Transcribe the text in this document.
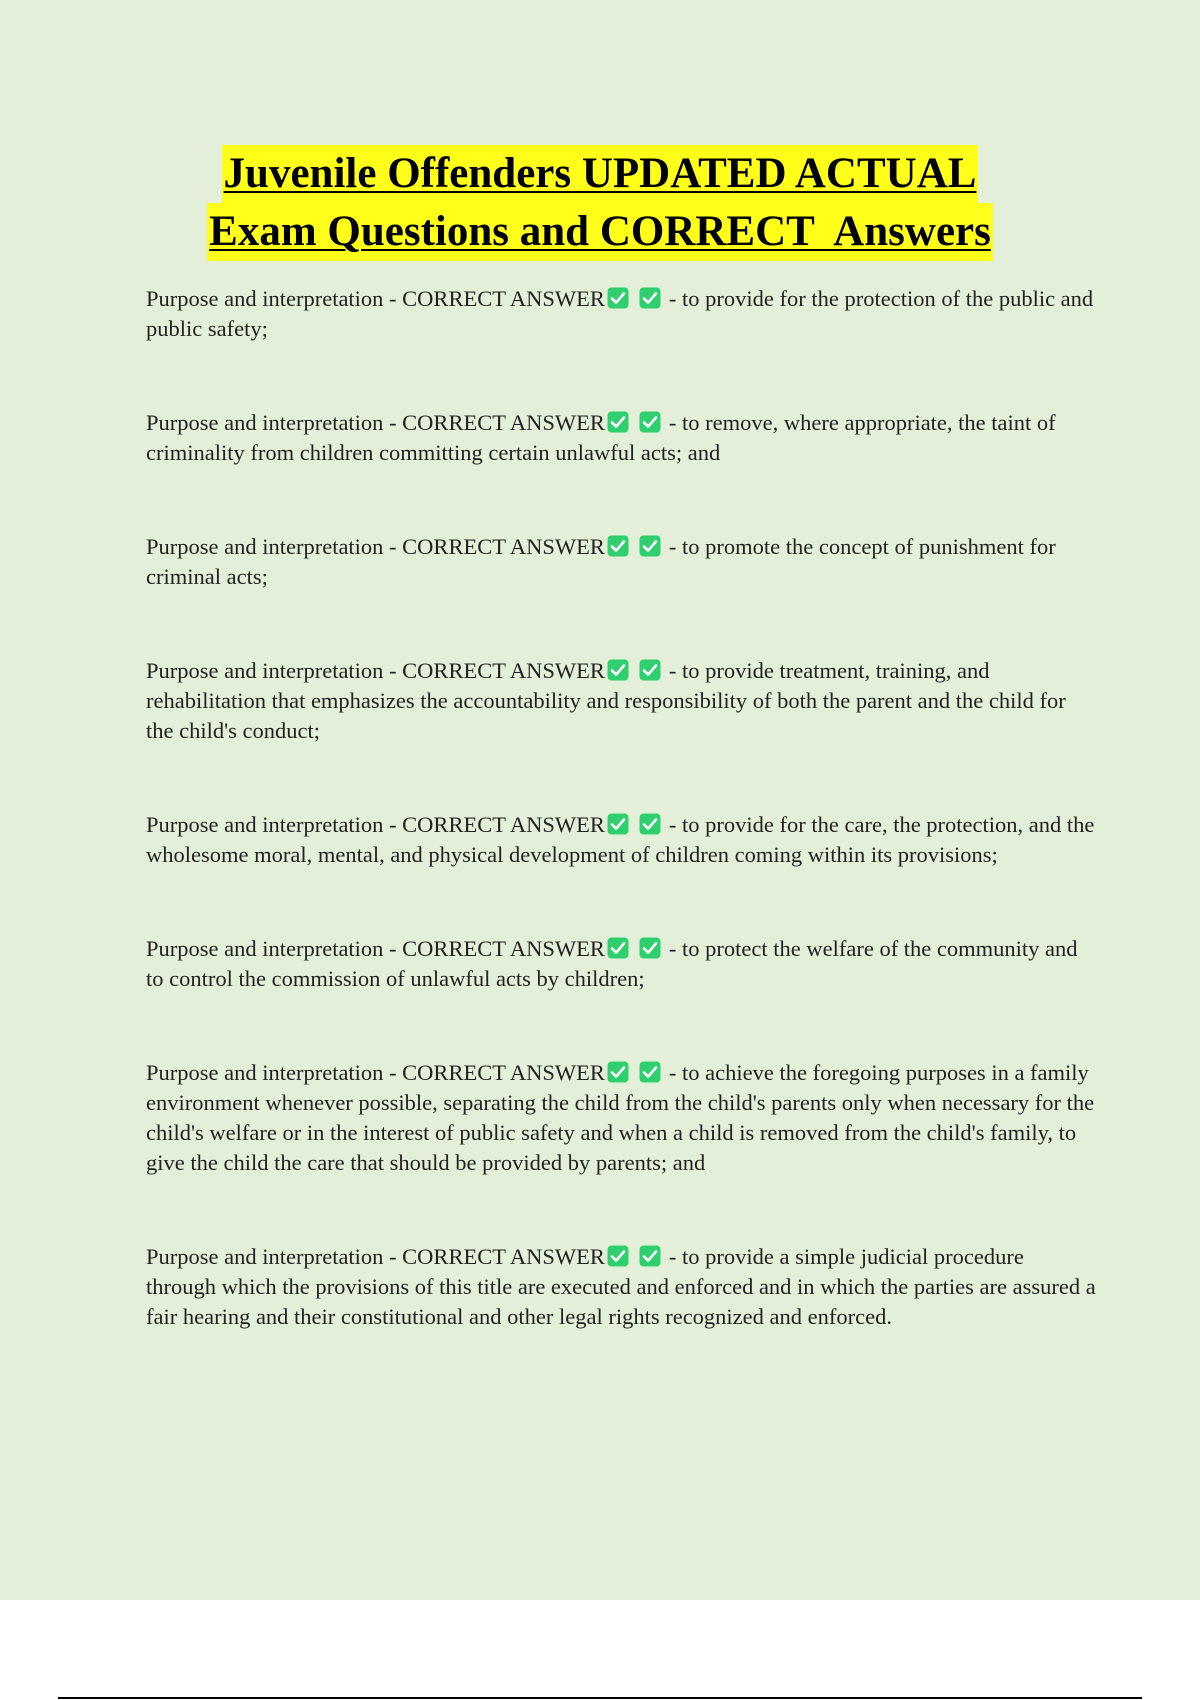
Juvenile Offenders UPDATED ACTUAL
Exam Questions and CORRECT  Answers

Purpose and interpretation - CORRECT ANSWER	- to provide for the protection of the public and public safety;

Purpose and interpretation - CORRECT ANSWER	- to remove, where appropriate, the taint of criminality from children committing certain unlawful acts; and

Purpose and interpretation - CORRECT ANSWER	- to promote the concept of punishment for criminal acts;

Purpose and interpretation - CORRECT ANSWER	- to provide treatment, training, and rehabilitation that emphasizes the accountability and responsibility of both the parent and the child for the child's conduct;

Purpose and interpretation - CORRECT ANSWER	- to provide for the care, the protection, and the wholesome moral, mental, and physical development of children coming within its provisions;

Purpose and interpretation - CORRECT ANSWER	- to protect the welfare of the community and to control the commission of unlawful acts by children;

Purpose and interpretation - CORRECT ANSWER	- to achieve the foregoing purposes in a family environment whenever possible, separating the child from the child's parents only when necessary for the child's welfare or in the interest of public safety and when a child is removed from the child's family, to give the child the care that should be provided by parents; and

Purpose and interpretation - CORRECT ANSWER	- to provide a simple judicial procedure through which the provisions of this title are executed and enforced and in which the parties are assured a fair hearing and their constitutional and other legal rights recognized and enforced.
